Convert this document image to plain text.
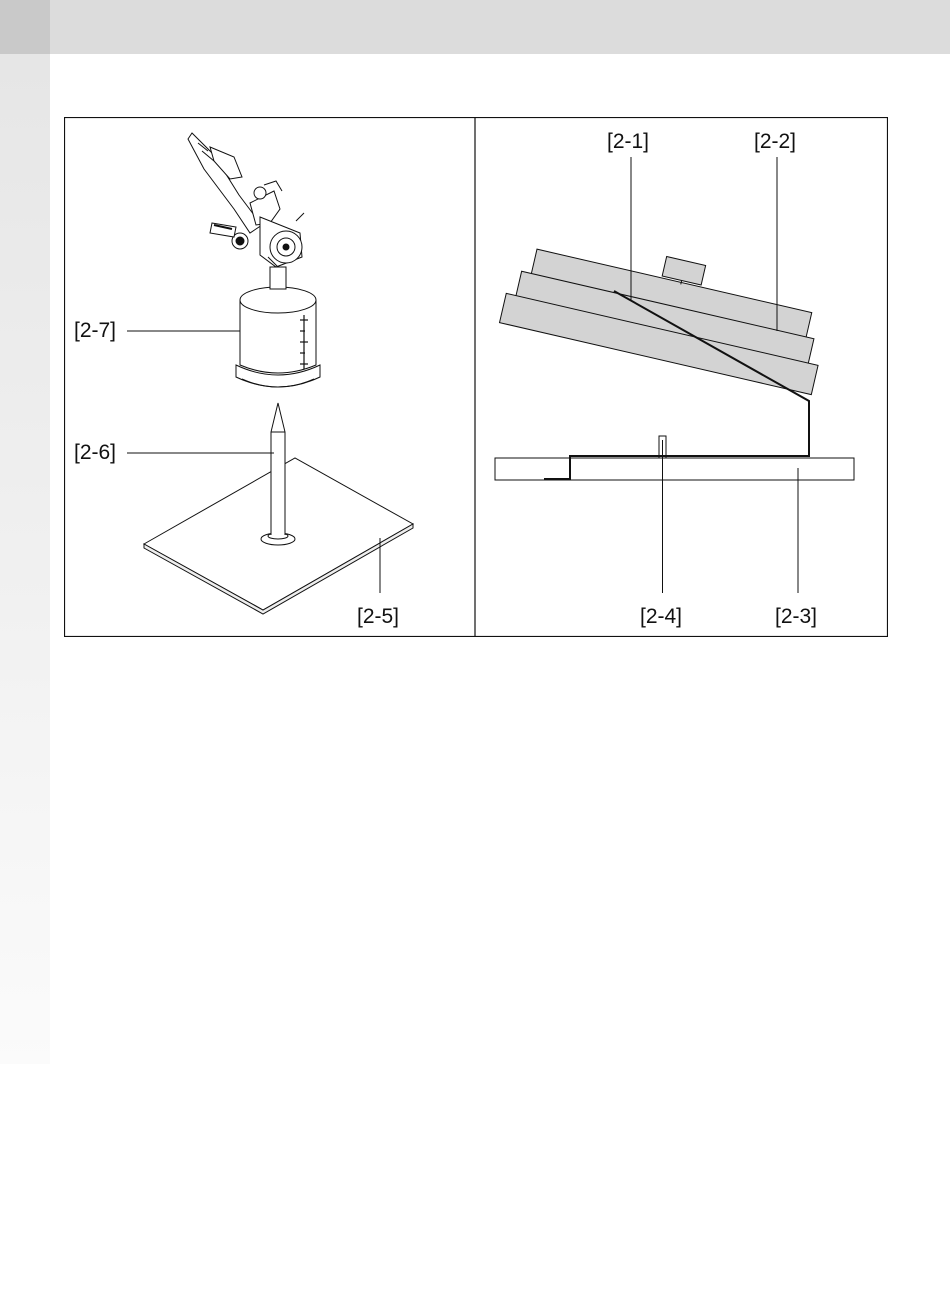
[2-1]	[2-2]
[2-3]
[2-4]
[2-5]
[2-6]
[2-7]
